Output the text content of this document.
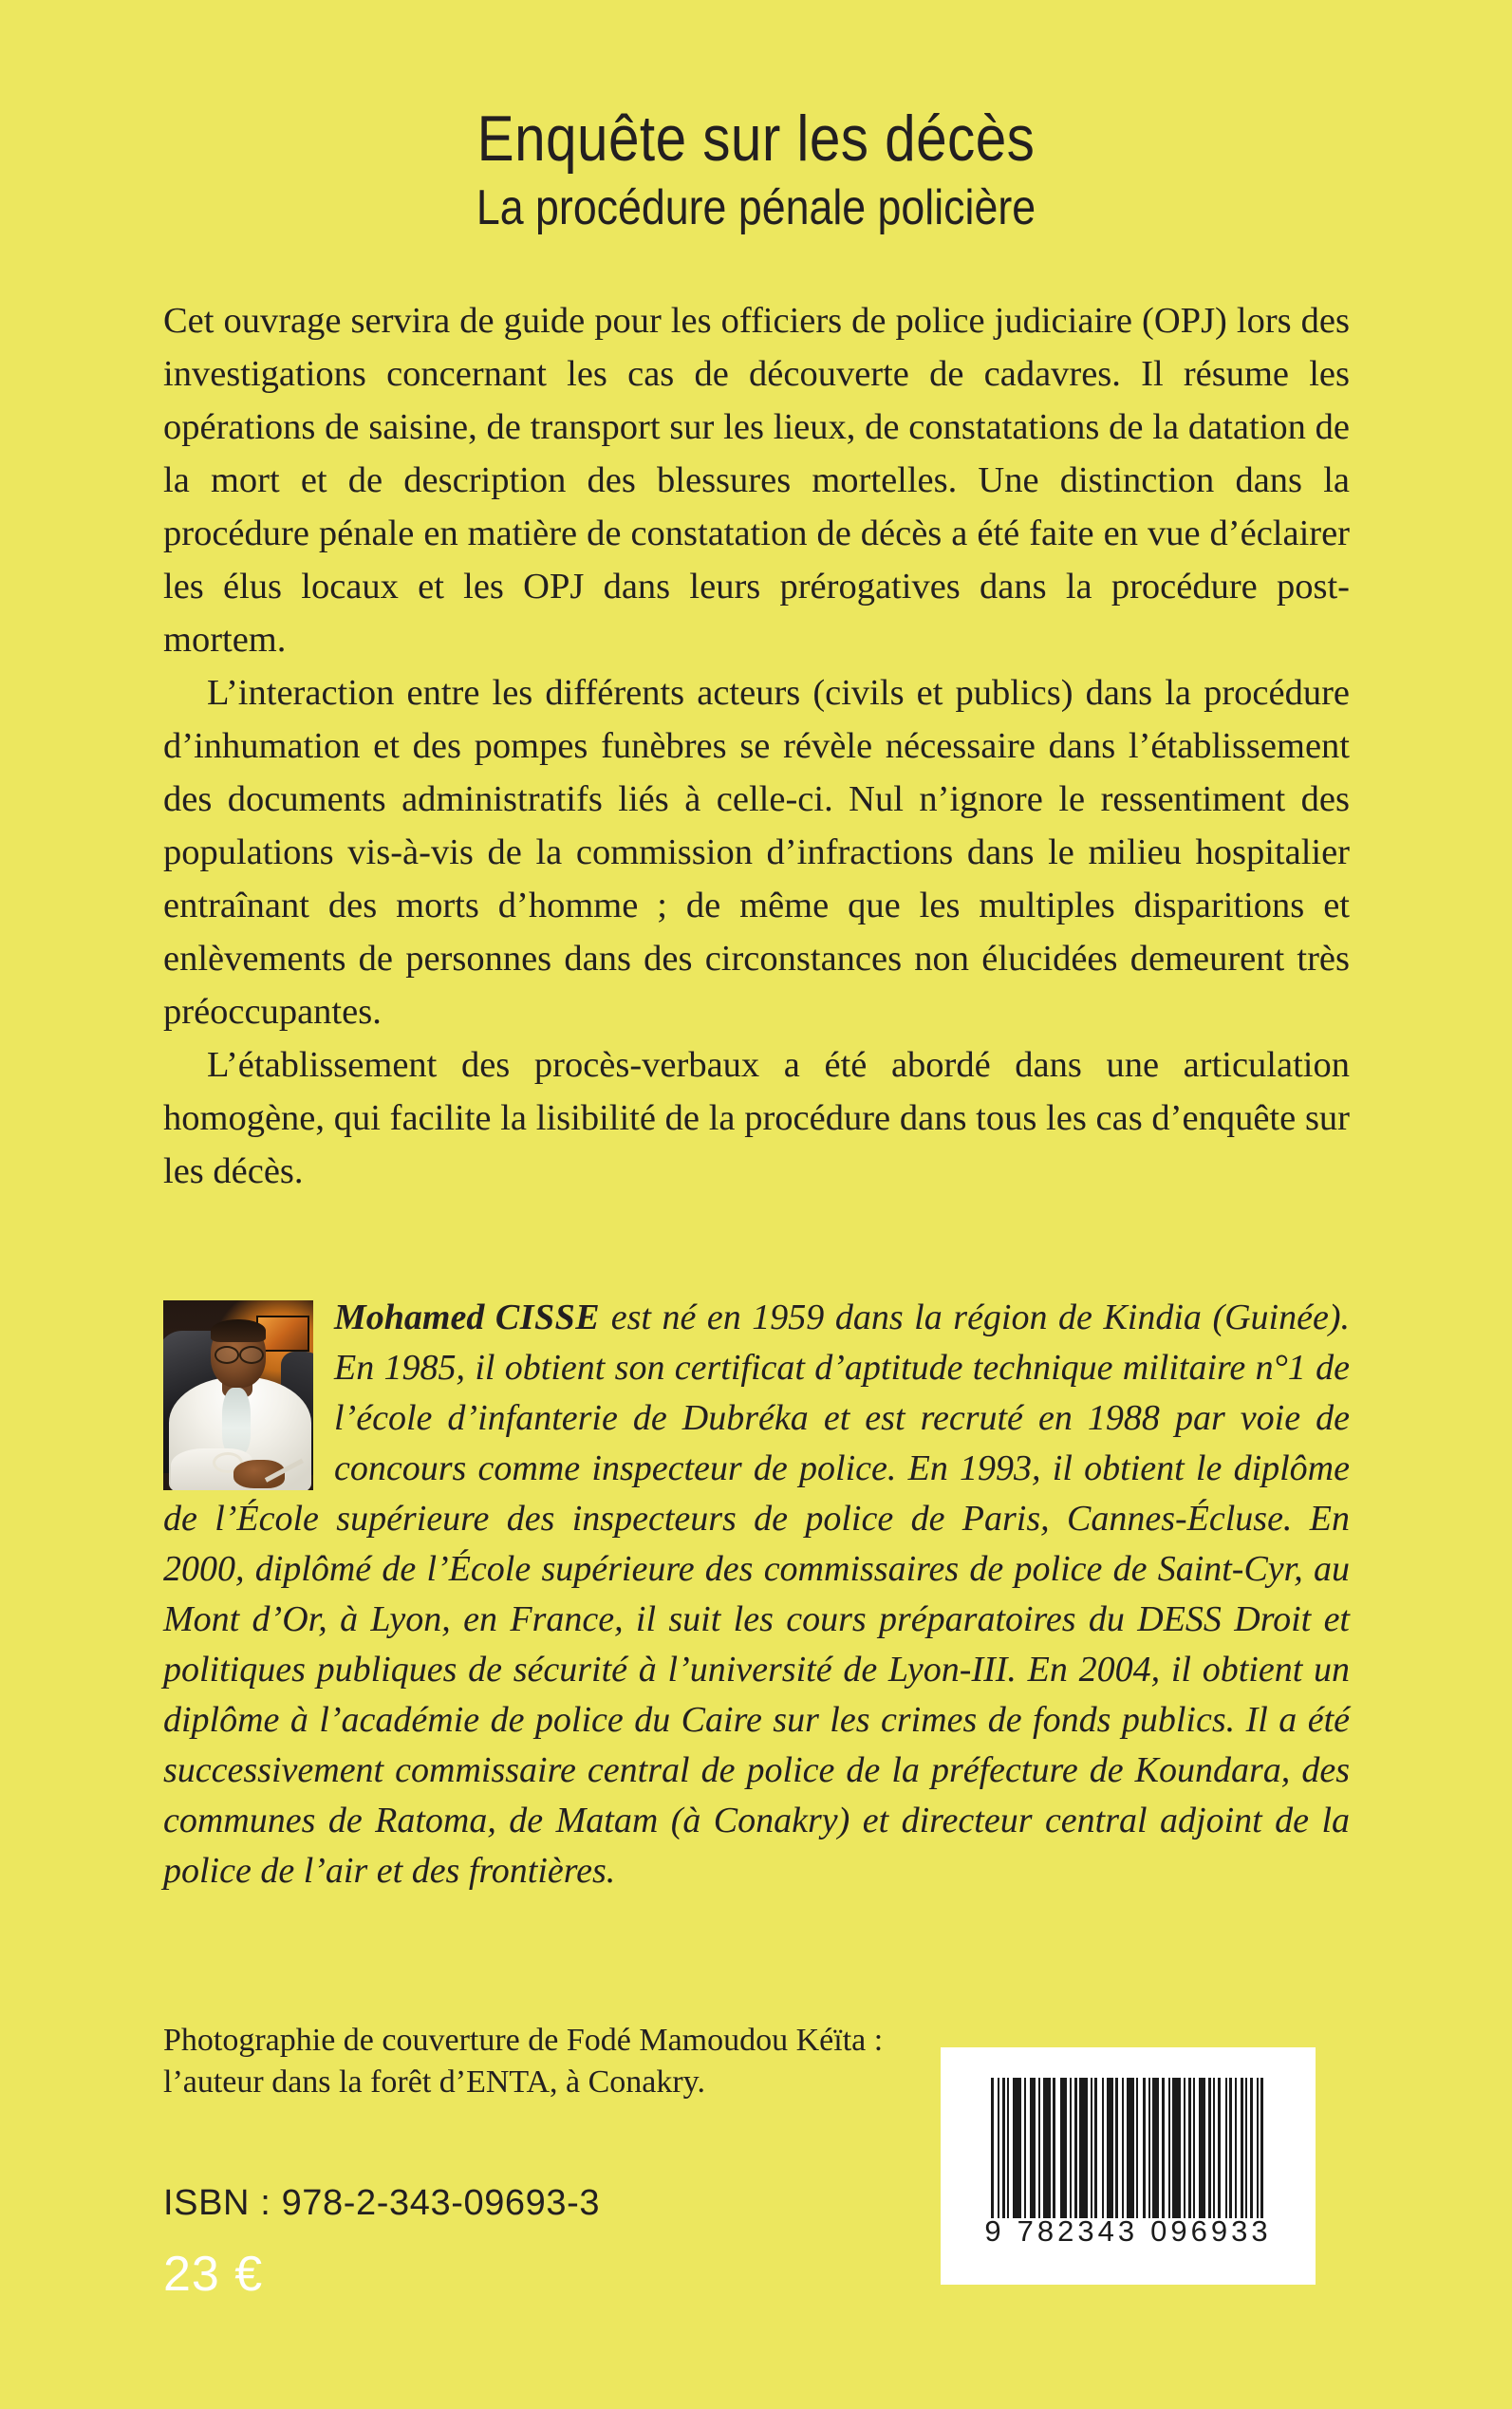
Enquête sur les décès
La procédure pénale policière

Cet ouvrage servira de guide pour les officiers de police judiciaire (OPJ) lors des investigations concernant les cas de découverte de cadavres. Il résume les opérations de saisine, de transport sur les lieux, de constatations de la datation de la mort et de description des blessures mortelles. Une distinction dans la procédure pénale en matière de constatation de décès a été faite en vue d’éclairer les élus locaux et les OPJ dans leurs prérogatives dans la procédure post-mortem.

L’interaction entre les différents acteurs (civils et publics) dans la procédure d’inhumation et des pompes funèbres se révèle nécessaire dans l’établissement des documents administratifs liés à celle-ci. Nul n’ignore le ressentiment des populations vis-à-vis de la commission d’infractions dans le milieu hospitalier entraînant des morts d’homme ; de même que les multiples disparitions et enlèvements de personnes dans des circonstances non élucidées demeurent très préoccupantes.

L’établissement des procès-verbaux a été abordé dans une articulation homogène, qui facilite la lisibilité de la procédure dans tous les cas d’enquête sur les décès.

Mohamed CISSE est né en 1959 dans la région de Kindia (Guinée). En 1985, il obtient son certificat d’aptitude technique militaire n°1 de l’école d’infanterie de Dubréka et est recruté en 1988 par voie de concours comme inspecteur de police. En 1993, il obtient le diplôme de l’École supérieure des inspecteurs de police de Paris, Cannes-Écluse. En 2000, diplômé de l’École supérieure des commissaires de police de Saint-Cyr, au Mont d’Or, à Lyon, en France, il suit les cours préparatoires du DESS Droit et politiques publiques de sécurité à l’université de Lyon-III. En 2004, il obtient un diplôme à l’académie de police du Caire sur les crimes de fonds publics. Il a été successivement commissaire central de police de la préfecture de Koundara, des communes de Ratoma, de Matam (à Conakry) et directeur central adjoint de la police de l’air et des frontières.
Photographie de couverture de Fodé Mamoudou Kéïta :
l’auteur dans la forêt d’ENTA, à Conakry.
ISBN : 978-2-343-09693-3
23 €
9 782343 096933
